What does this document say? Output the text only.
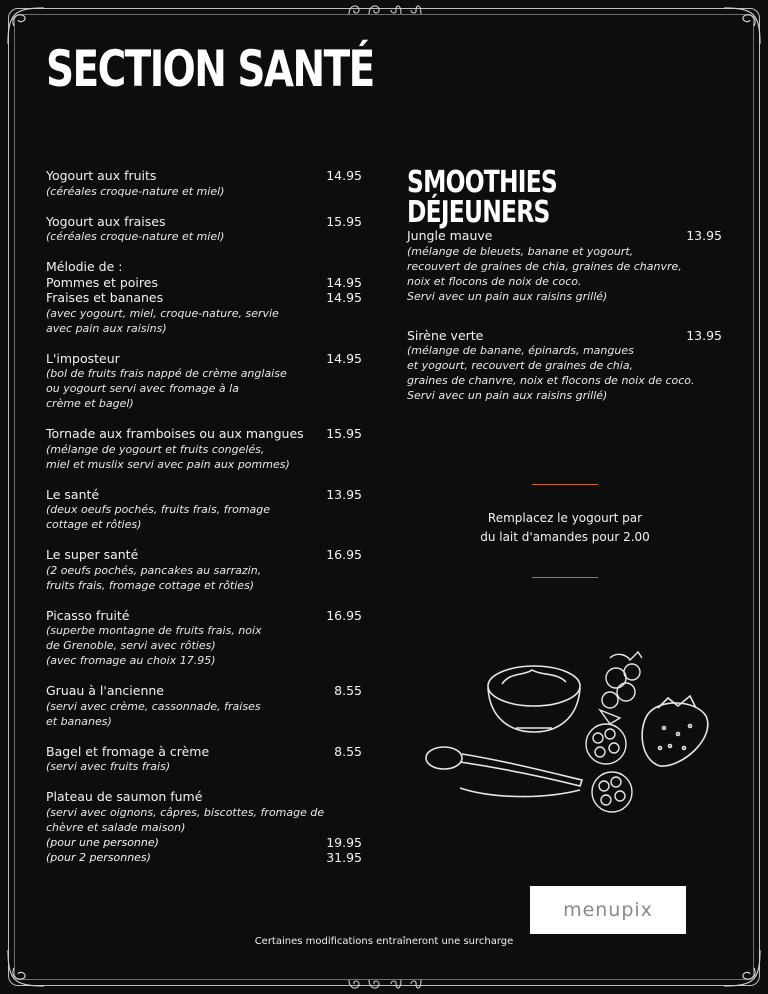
SECTION SANTÉ
SMOOTHIES DÉJEUNERS
Yogourt aux fruits	14.95
(céréales croque-nature et miel)
Yogourt aux fraises	15.95
(céréales croque-nature et miel)
Mélodie de :
Pommes et poires	14.95
Fraises et bananes	14.95
(avec yogourt, miel, croque-nature, servie
avec pain aux raisins)
L'imposteur	14.95
(bol de fruits frais nappé de crème anglaise
ou yogourt servi avec fromage à la
crème et bagel)
Tornade aux framboises ou aux mangues	15.95
(mélange de yogourt et fruits congelés,
miel et muslix servi avec pain aux pommes)
Le santé	13.95
(deux oeufs pochés, fruits frais, fromage
cottage et rôties)
Le super santé	16.95
(2 oeufs pochés, pancakes au sarrazin,
fruits frais, fromage cottage et rôties)
Picasso fruité	16.95
(superbe montagne de fruits frais, noix
de Grenoble, servi avec rôties)
(avec fromage au choix 17.95)
Gruau à l'ancienne	8.55
(servi avec crème, cassonnade, fraises
et bananes)
Bagel et fromage à crème	8.55
(servi avec fruits frais)
Plateau de saumon fumé
(servi avec oignons, câpres, biscottes, fromage de
chèvre et salade maison)
(pour une personne)	19.95
(pour 2 personnes)	31.95
Jungle mauve	13.95
(mélange de bleuets, banane et yogourt,
recouvert de graines de chia, graines de chanvre,
noix et flocons de noix de coco.
Servi avec un pain aux raisins grillé)
Sirène verte	13.95
(mélange de banane, épinards, mangues
et yogourt, recouvert de graines de chia,
graines de chanvre, noix et flocons de noix de coco.
Servi avec un pain aux raisins grillé)
Remplacez le yogourt par
du lait d'amandes pour 2.00
menupix
Certaines modifications entraîneront une surcharge
